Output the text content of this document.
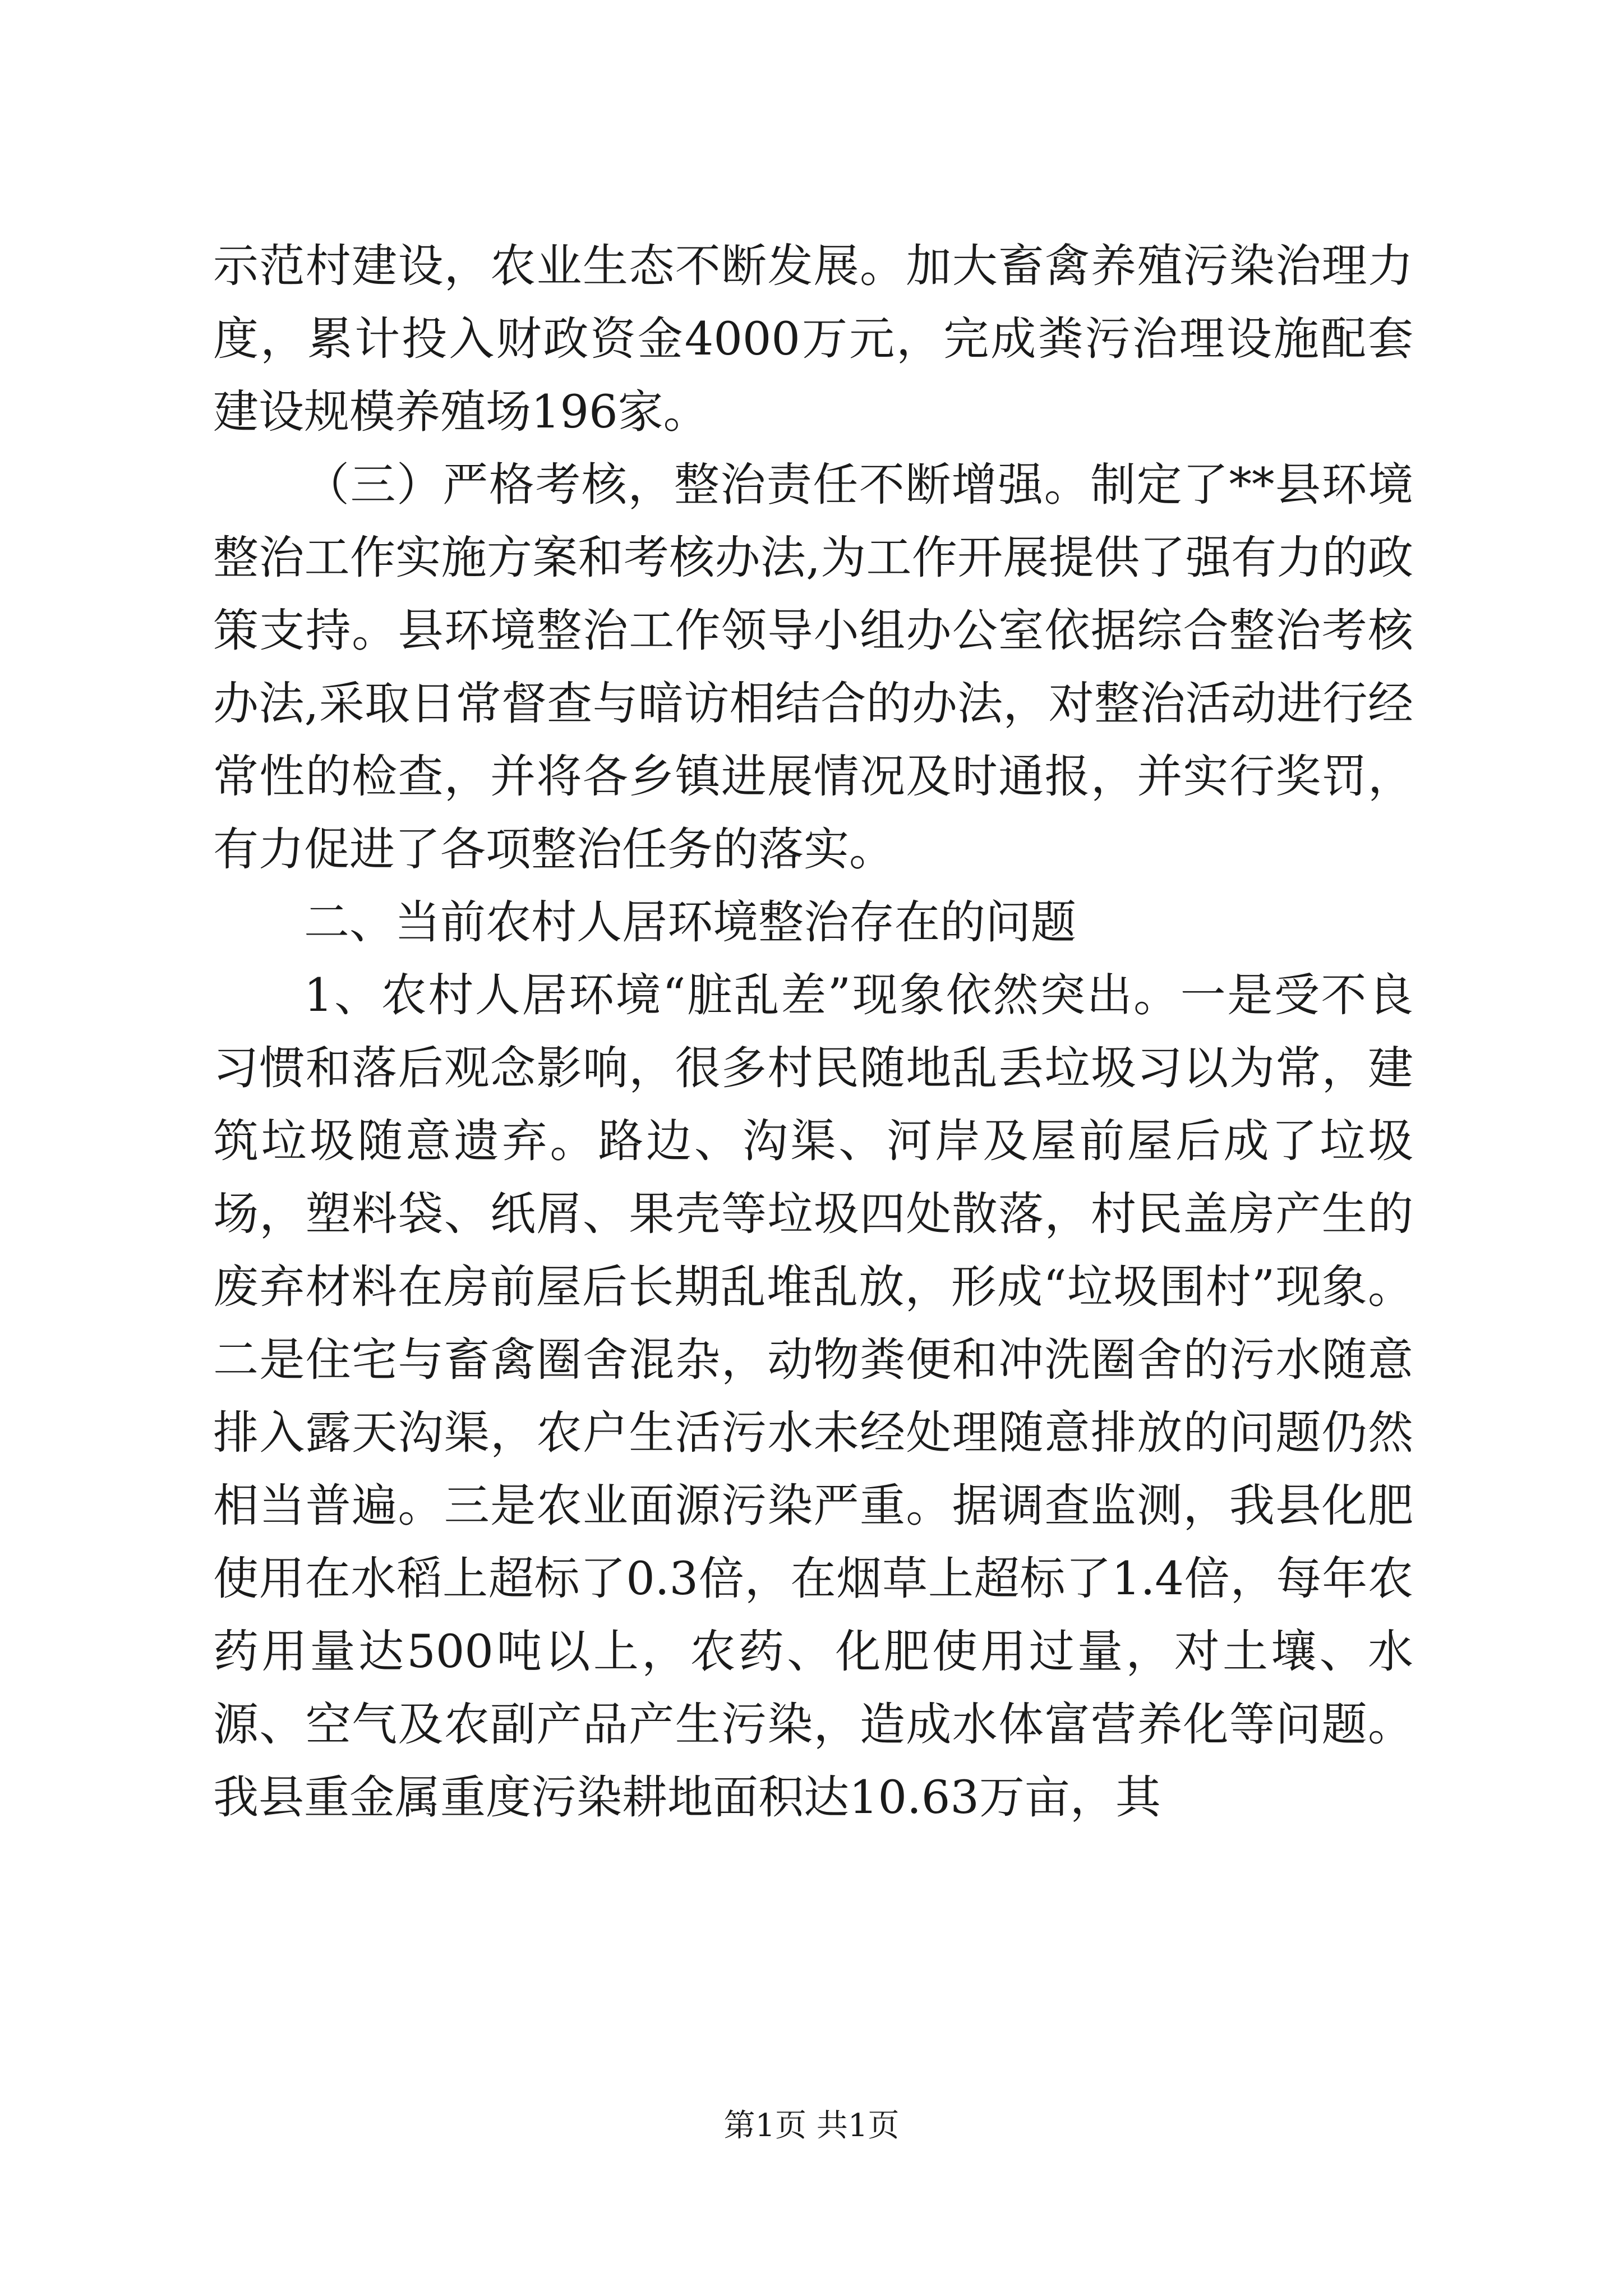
示范村建设，农业生态不断发展。加大畜禽养殖污染治理力度，累计投入财政资金4000万元，完成粪污治理设施配套建设规模养殖场196家。

（三）严格考核，整治责任不断增强。制定了**县环境整治工作实施方案和考核办法,为工作开展提供了强有力的政策支持。县环境整治工作领导小组办公室依据综合整治考核办法,采取日常督查与暗访相结合的办法，对整治活动进行经常性的检查，并将各乡镇进展情况及时通报，并实行奖罚，有力促进了各项整治任务的落实。

二、当前农村人居环境整治存在的问题

1、农村人居环境“脏乱差”现象依然突出。一是受不良习惯和落后观念影响，很多村民随地乱丢垃圾习以为常，建筑垃圾随意遗弃。路边、沟渠、河岸及屋前屋后成了垃圾场，塑料袋、纸屑、果壳等垃圾四处散落，村民盖房产生的废弃材料在房前屋后长期乱堆乱放，形成“垃圾围村”现象。二是住宅与畜禽圈舍混杂，动物粪便和冲洗圈舍的污水随意排入露天沟渠，农户生活污水未经处理随意排放的问题仍然相当普遍。三是农业面源污染严重。据调查监测，我县化肥使用在水稻上超标了0.3倍，在烟草上超标了1.4倍，每年农药用量达500吨以上，农药、化肥使用过量，对土壤、水源、空气及农副产品产生污染，造成水体富营养化等问题。我县重金属重度污染耕地面积达10.63万亩，其

第1页 共1页
